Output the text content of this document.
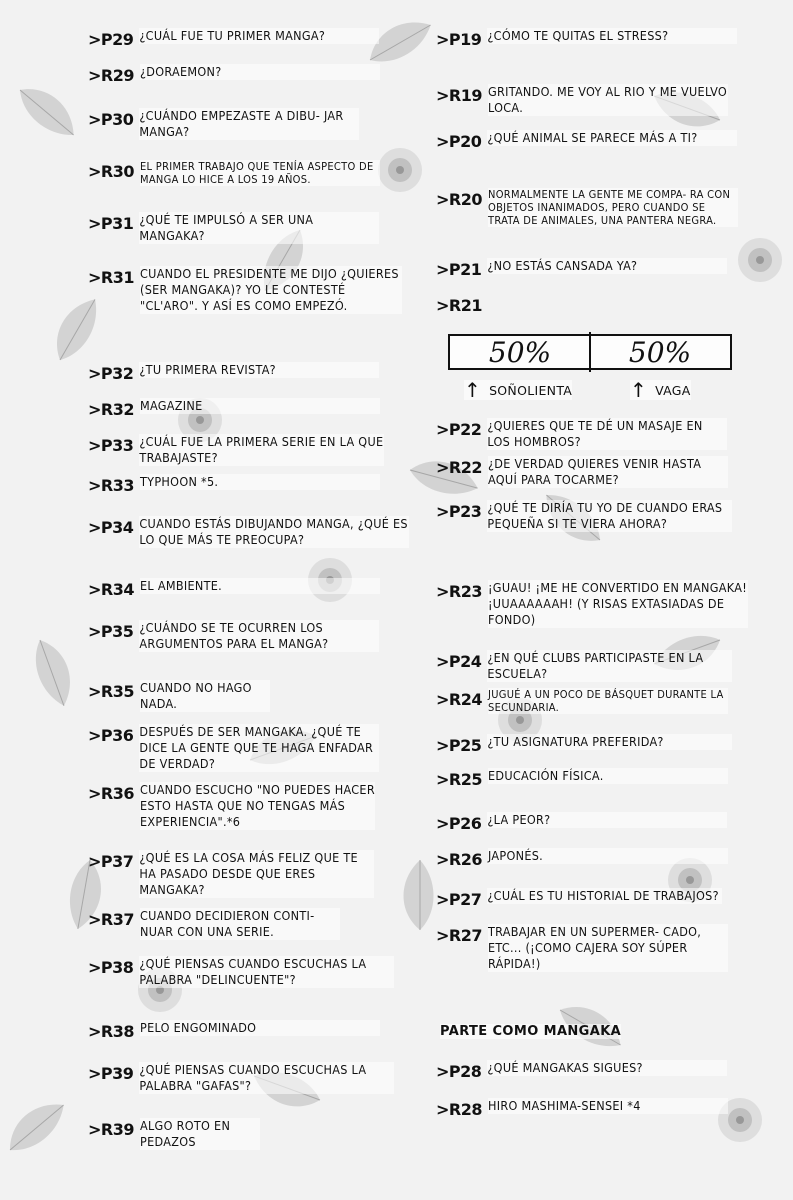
>P29 ¿CUÁL FUE TU PRIMER MANGA?
>R29 ¿DORAEMON?
>P30 ¿CUÁNDO EMPEZASTE A DIBU- JAR MANGA?
>R30 EL PRIMER TRABAJO QUE TENÍA ASPECTO DE MANGA LO HICE A LOS 19 AÑOS.
>P31 ¿QUÉ TE IMPULSÓ A SER UNA MANGAKA?
>R31 CUANDO EL PRESIDENTE ME DIJO ¿QUIERES (SER MANGAKA)? YO LE CONTESTÉ "CL'ARO". Y ASÍ ES COMO EMPEZÓ.
>P32 ¿TU PRIMERA REVISTA?
>R32 MAGAZINE
>P33 ¿CUÁL FUE LA PRIMERA SERIE EN LA QUE TRABAJASTE?
>R33 TYPHOON *5.
>P34 CUANDO ESTÁS DIBUJANDO MANGA, ¿QUÉ ES LO QUE MÁS TE PREOCUPA?
>R34 EL AMBIENTE.
>P35 ¿CUÁNDO SE TE OCURREN LOS ARGUMENTOS PARA EL MANGA?
>R35 CUANDO NO HAGO NADA.
>P36 DESPUÉS DE SER MANGAKA. ¿QUÉ TE DICE LA GENTE QUE TE HAGA ENFADAR DE VERDAD?
>R36 CUANDO ESCUCHO "NO PUEDES HACER ESTO HASTA QUE NO TENGAS MÁS EXPERIENCIA".*6
>P37 ¿QUÉ ES LA COSA MÁS FELIZ QUE TE HA PASADO DESDE QUE ERES MANGAKA?
>R37 CUANDO DECIDIERON CONTI- NUAR CON UNA SERIE.
>P38 ¿QUÉ PIENSAS CUANDO ESCUCHAS LA PALABRA "DELINCUENTE"?
>R38 PELO ENGOMINADO
>P39 ¿QUÉ PIENSAS CUANDO ESCUCHAS LA PALABRA "GAFAS"?
>R39 ALGO ROTO EN PEDAZOS
>P19 ¿CÓMO TE QUITAS EL STRESS?
>R19 GRITANDO. ME VOY AL RIO Y ME VUELVO LOCA.
>P20 ¿QUÉ ANIMAL SE PARECE MÁS A TI?
>R20 NORMALMENTE LA GENTE ME COMPA- RA CON OBJETOS INANIMADOS, PERO CUANDO SE TRATA DE ANIMALES, UNA PANTERA NEGRA.
>P21 ¿NO ESTÁS CANSADA YA?
>R21
50%	50%
↑ SOÑOLIENTA	↑ VAGA
>P22 ¿QUIERES QUE TE DÉ UN MASAJE EN LOS HOMBROS?
>R22 ¿DE VERDAD QUIERES VENIR HASTA AQUÍ PARA TOCARME?
>P23 ¿QUÉ TE DIRÍA TU YO DE CUANDO ERAS PEQUEÑA SI TE VIERA AHORA?
>R23 ¡GUAU! ¡ME HE CONVERTIDO EN MANGAKA! ¡UUAAAAAAH! (Y RISAS EXTASIADAS DE FONDO)
>P24 ¿EN QUÉ CLUBS PARTICIPASTE EN LA ESCUELA?
>R24 JUGUÉ A UN POCO DE BÁSQUET DURANTE LA SECUNDARIA.
>P25 ¿TU ASIGNATURA PREFERIDA?
>R25 EDUCACIÓN FÍSICA.
>P26 ¿LA PEOR?
>R26 JAPONÉS.
>P27 ¿CUÁL ES TU HISTORIAL DE TRABAJOS?
>R27 TRABAJAR EN UN SUPERMER- CADO, ETC... (¡COMO CAJERA SOY SÚPER RÁPIDA!)
PARTE COMO MANGAKA
>P28 ¿QUÉ MANGAKAS SIGUES?
>R28 HIRO MASHIMA-SENSEI *4
